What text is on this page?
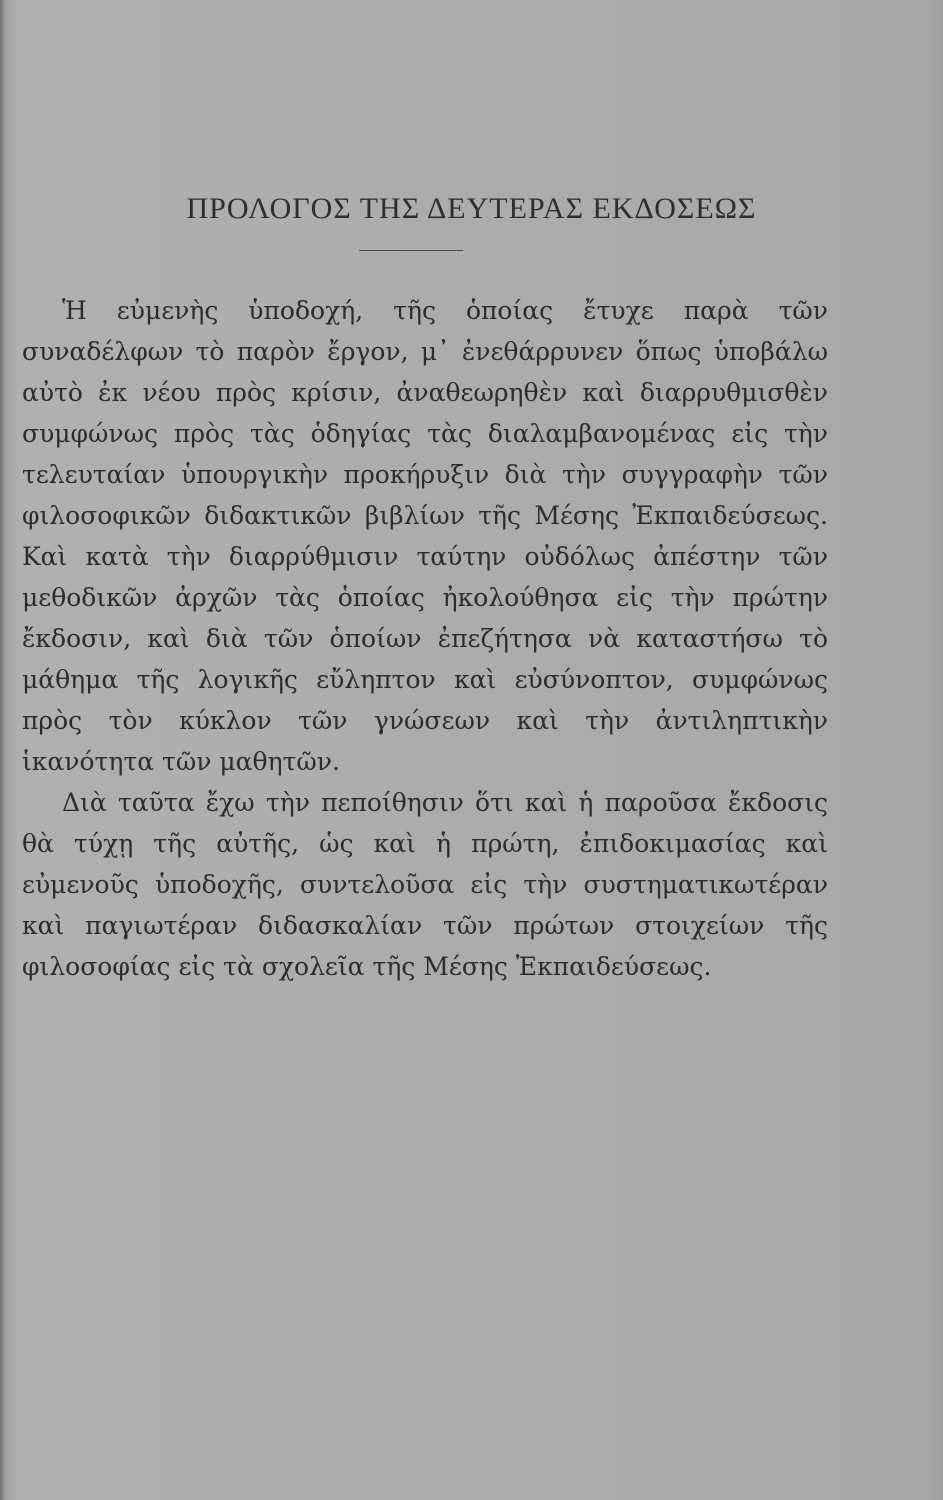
ΠΡΟΛΟΓΟΣ ΤΗΣ ΔΕΥΤΕΡΑΣ ΕΚΔΟΣΕΩΣ

Ἡ εὐμενὴς ὑποδοχή, τῆς ὁποίας ἔτυχε παρὰ τῶν συναδέλφων τὸ παρὸν ἔργον, μ᾽ ἐνεθάρρυνεν ὅπως ὑποβάλω αὐτὸ ἐκ νέου πρὸς κρίσιν, ἀναθεωρηθὲν καὶ διαρρυθμισθὲν συμφώνως πρὸς τὰς ὁδηγίας τὰς διαλαμβανομένας εἰς τὴν τελευταίαν ὑπουργικὴν προκήρυξιν διὰ τὴν συγγραφὴν τῶν φιλοσοφικῶν διδακτικῶν βιβλίων τῆς Μέσης Ἐκπαιδεύσεως. Καὶ κατὰ τὴν διαρρύθμισιν ταύτην οὐδόλως ἀπέστην τῶν μεθοδικῶν ἀρχῶν τὰς ὁποίας ἠκολούθησα εἰς τὴν πρώτην ἔκδοσιν, καὶ διὰ τῶν ὁποίων ἐπεζήτησα νὰ καταστήσω τὸ μάθημα τῆς λογικῆς εὔληπτον καὶ εὐσύνοπτον, συμφώνως πρὸς τὸν κύκλον τῶν γνώσεων καὶ τὴν ἀντιληπτικὴν ἱκανότητα τῶν μαθητῶν.

Διὰ ταῦτα ἔχω τὴν πεποίθησιν ὅτι καὶ ἡ παροῦσα ἔκδοσις θὰ τύχῃ τῆς αὐτῆς, ὡς καὶ ἡ πρώτη, ἐπιδοκιμασίας καὶ εὐμενοῦς ὑποδοχῆς, συντελοῦσα εἰς τὴν συστηματικωτέραν καὶ παγιωτέραν διδασκαλίαν τῶν πρώτων στοιχείων τῆς φιλοσοφίας εἰς τὰ σχολεῖα τῆς Μέσης Ἐκπαιδεύσεως.
